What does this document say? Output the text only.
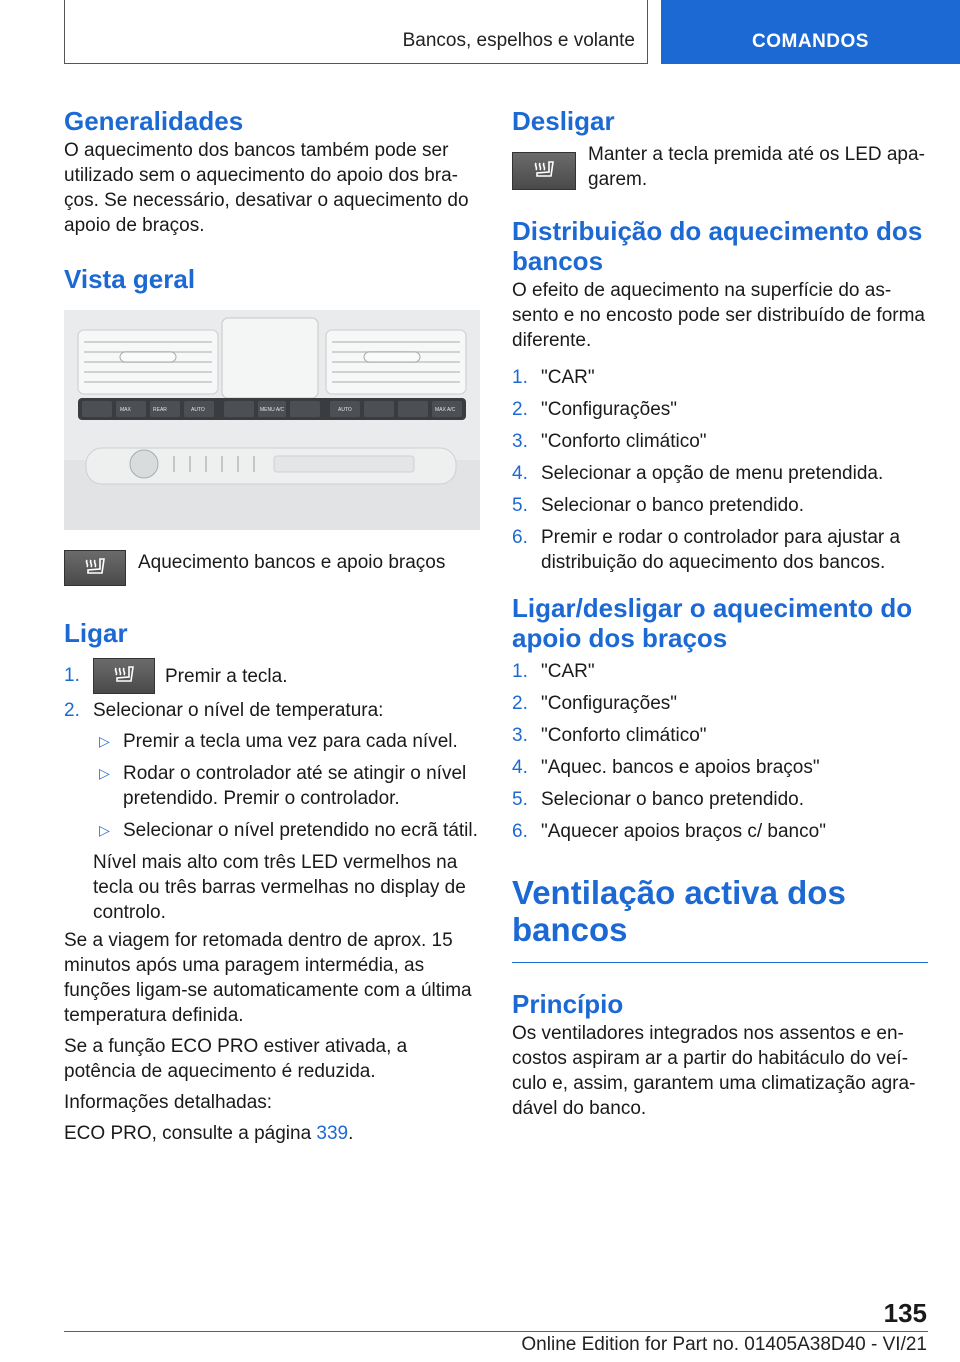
Bancos, espelhos e volante	COMANDOS
Generalidades

O aquecimento dos bancos também pode ser utilizado sem o aquecimento do apoio dos braços. Se necessário, desativar o aquecimento do apoio de braços.

Vista geral
MAX	REAR	AUTO	MENU A/C	AUTO	MAX A/C

Aquecimento bancos e apoio braços

Ligar
1.	Premir a tecla.
2. Selecionar o nível de temperatura:
▷ Premir a tecla uma vez para cada nível.
▷ Rodar o controlador até se atingir o nível pretendido. Premir o controlador.
▷ Selecionar o nível pretendido no ecrã tátil.

Nível mais alto com três LED vermelhos na tecla ou três barras vermelhas no display de controlo.

Se a viagem for retomada dentro de aprox. 15 minutos após uma paragem intermédia, as funções ligam-se automaticamente com a última temperatura definida.

Se a função ECO PRO estiver ativada, a potência de aquecimento é reduzida.

Informações detalhadas:

ECO PRO, consulte a página 339.

Desligar

Manter a tecla premida até os LED apagarem.

Distribuição do aquecimento dos bancos

O efeito de aquecimento na superfície do assento e no encosto pode ser distribuído de forma diferente.

1. "CAR"
2. "Configurações"
3. "Conforto climático"
4. Selecionar a opção de menu pretendida.
5. Selecionar o banco pretendido.
6. Premir e rodar o controlador para ajustar a distribuição do aquecimento dos bancos.
Ligar/desligar o aquecimento do apoio dos braços
1. "CAR"
2. "Configurações"
3. "Conforto climático"
4. "Aquec. bancos e apoios braços"
5. Selecionar o banco pretendido.
6. "Aquecer apoios braços c/ banco"
Ventilação activa dos bancos
Princípio

Os ventiladores integrados nos assentos e encostos aspiram ar a partir do habitáculo do veículo e, assim, garantem uma climatização agradável do banco.

135
Online Edition for Part no. 01405A38D40 - VI/21
